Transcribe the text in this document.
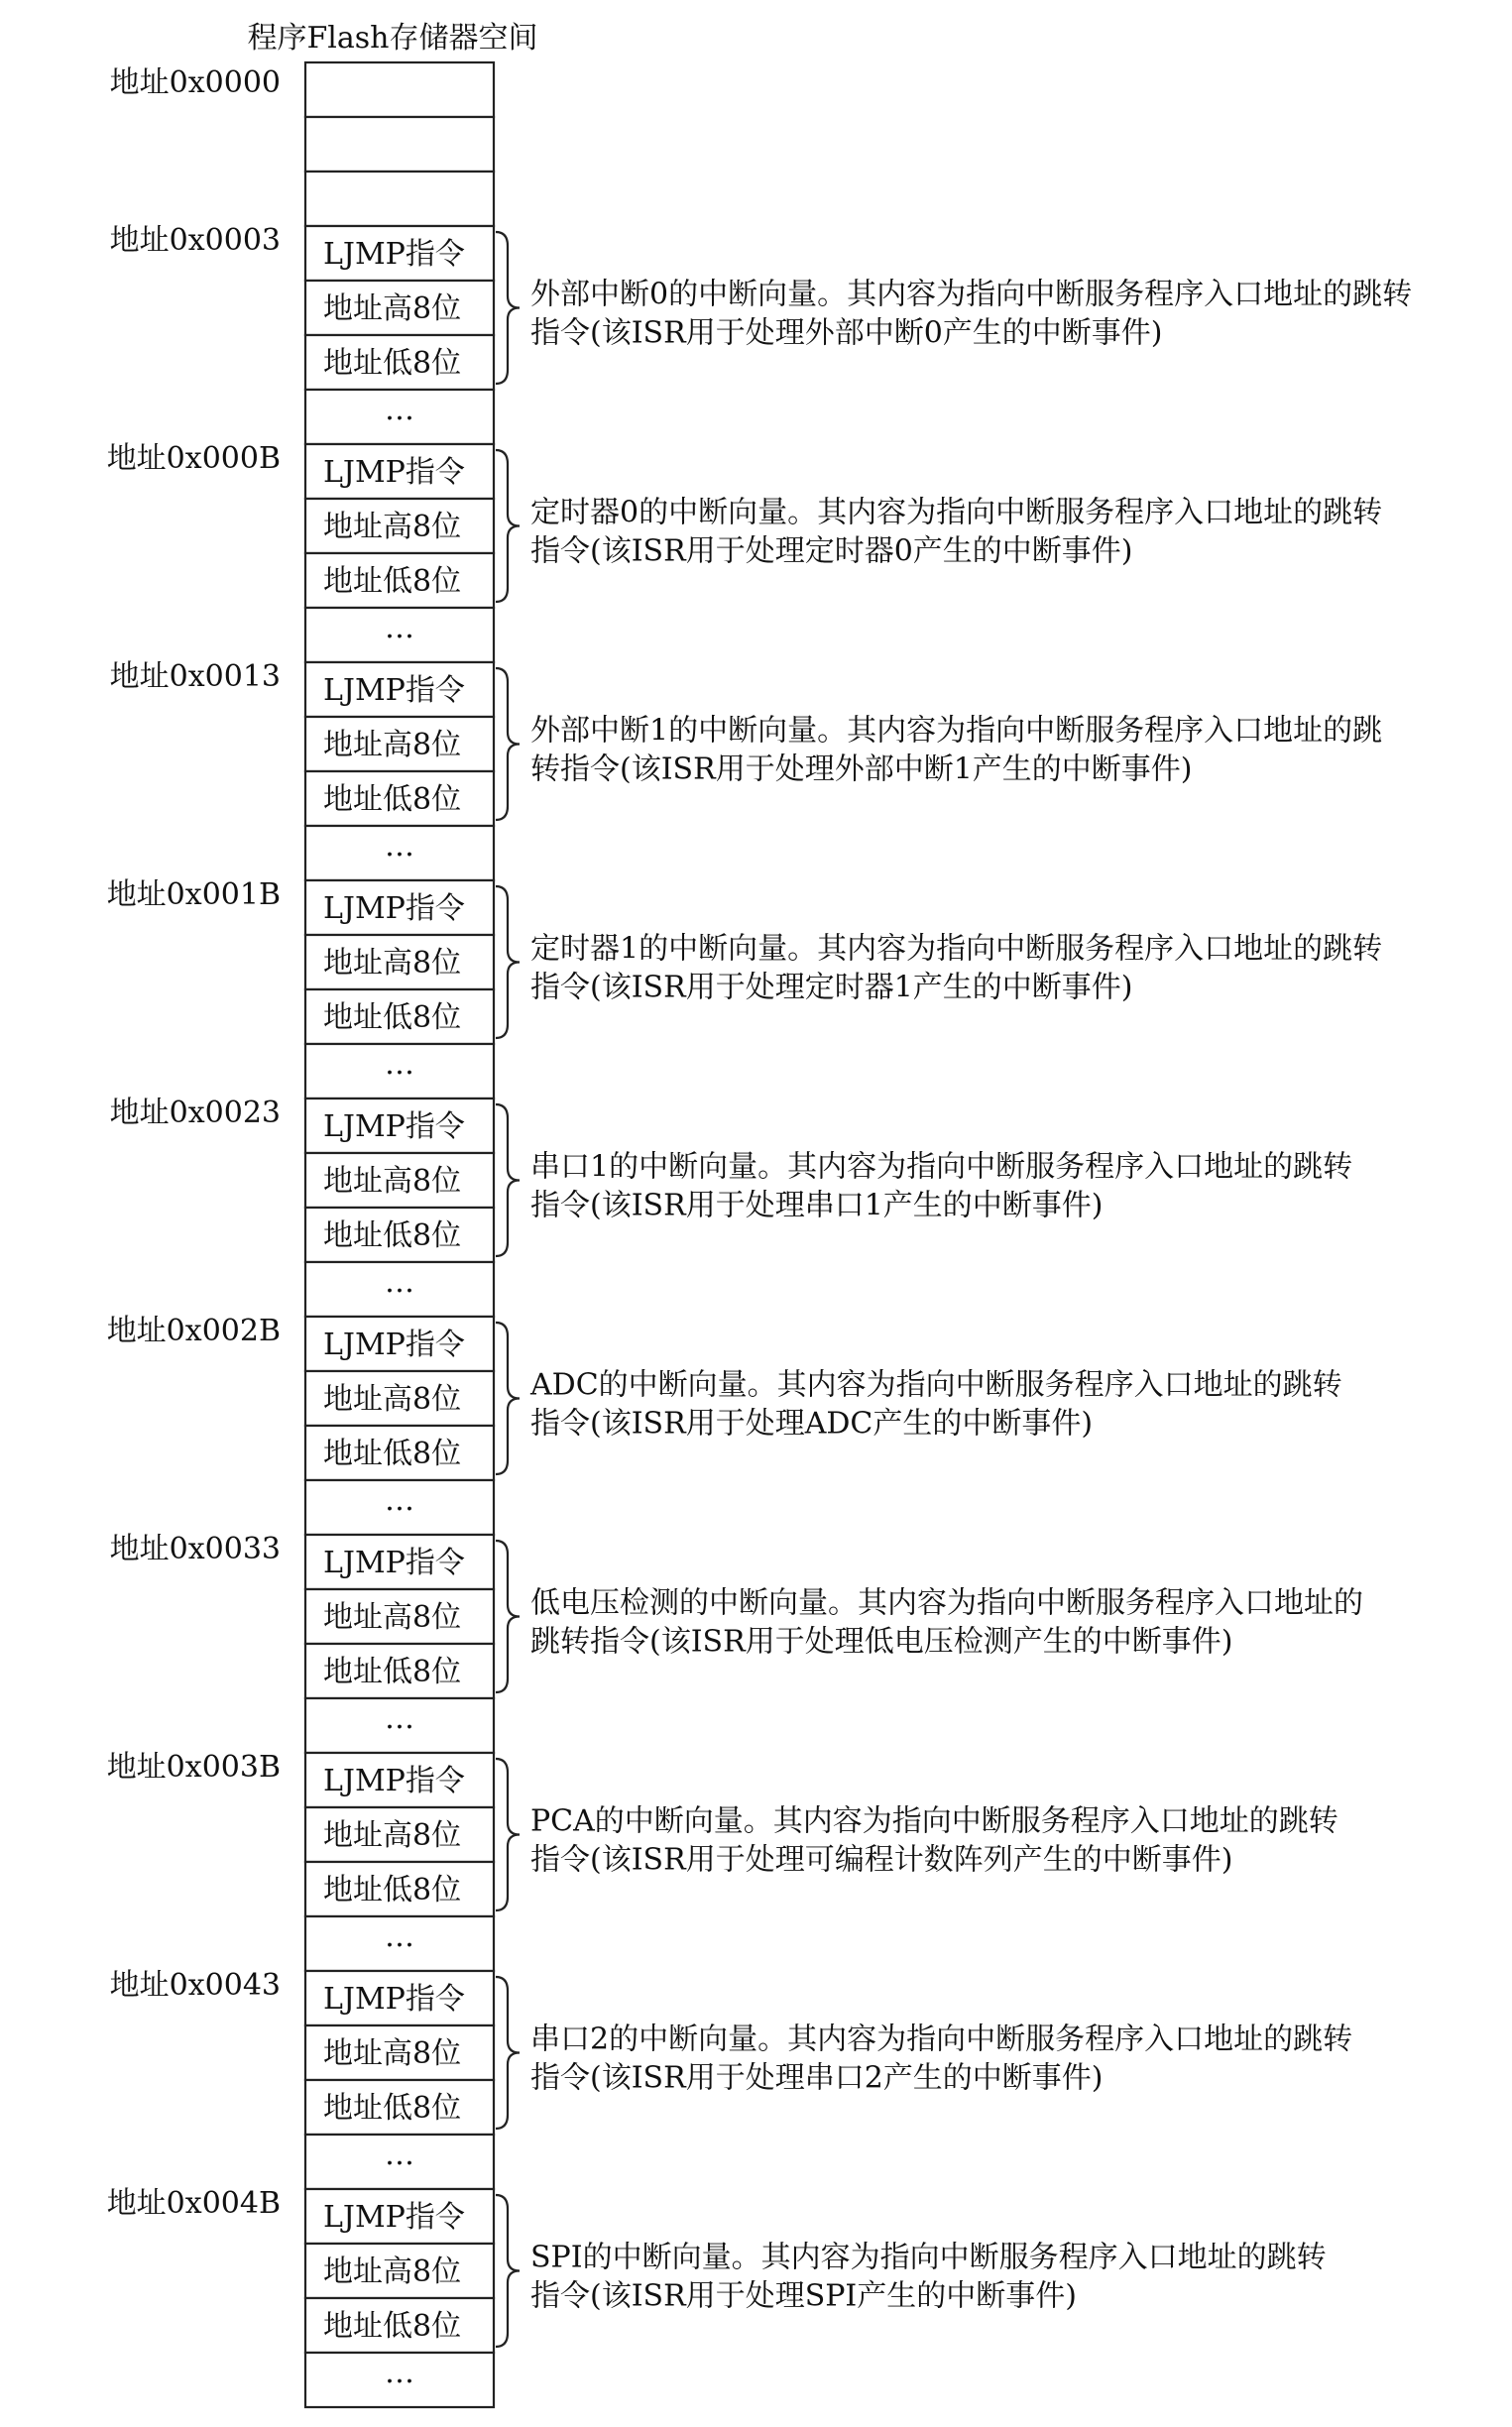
程序Flash存储器空间
LJMP指令
地址高8位
地址低8位
…
LJMP指令
地址高8位
地址低8位
…
LJMP指令
地址高8位
地址低8位
…
LJMP指令
地址高8位
地址低8位
…
LJMP指令
地址高8位
地址低8位
…
LJMP指令
地址高8位
地址低8位
…
LJMP指令
地址高8位
地址低8位
…
LJMP指令
地址高8位
地址低8位
…
LJMP指令
地址高8位
地址低8位
…
LJMP指令
地址高8位
地址低8位
…
地址0x0000
地址0x0003
地址0x000B
地址0x0013
地址0x001B
地址0x0023
地址0x002B
地址0x0033
地址0x003B
地址0x0043
地址0x004B
外部中断0的中断向量。其内容为指向中断服务程序入口地址的跳转
指令(该ISR用于处理外部中断0产生的中断事件)
定时器0的中断向量。其内容为指向中断服务程序入口地址的跳转
指令(该ISR用于处理定时器0产生的中断事件)
外部中断1的中断向量。其内容为指向中断服务程序入口地址的跳
转指令(该ISR用于处理外部中断1产生的中断事件)
定时器1的中断向量。其内容为指向中断服务程序入口地址的跳转
指令(该ISR用于处理定时器1产生的中断事件)
串口1的中断向量。其内容为指向中断服务程序入口地址的跳转
指令(该ISR用于处理串口1产生的中断事件)
ADC的中断向量。其内容为指向中断服务程序入口地址的跳转
指令(该ISR用于处理ADC产生的中断事件)
低电压检测的中断向量。其内容为指向中断服务程序入口地址的
跳转指令(该ISR用于处理低电压检测产生的中断事件)
PCA的中断向量。其内容为指向中断服务程序入口地址的跳转
指令(该ISR用于处理可编程计数阵列产生的中断事件)
串口2的中断向量。其内容为指向中断服务程序入口地址的跳转
指令(该ISR用于处理串口2产生的中断事件)
SPI的中断向量。其内容为指向中断服务程序入口地址的跳转
指令(该ISR用于处理SPI产生的中断事件)
